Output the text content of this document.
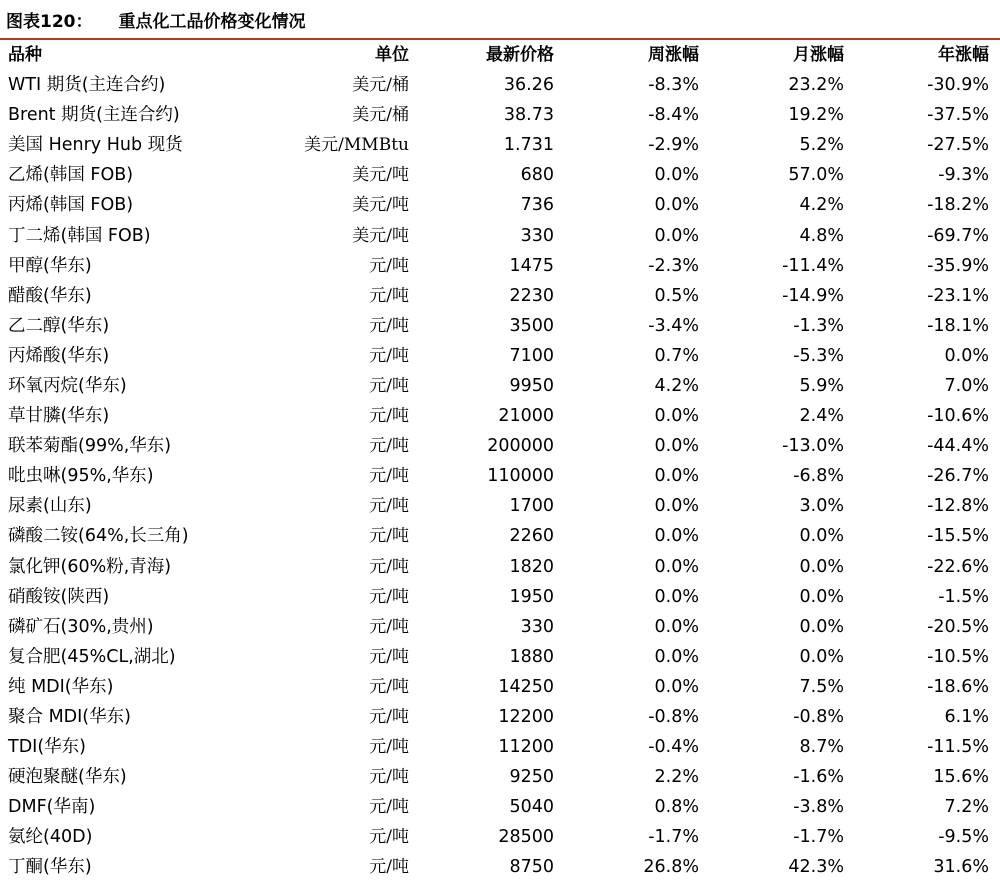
图表120： 重点化工品价格变化情况
品种	单位	最新价格	周涨幅	月涨幅	年涨幅
WTI 期货(主连合约)	美元/桶	36.26	-8.3%	23.2%	-30.9%
Brent 期货(主连合约)	美元/桶	38.73	-8.4%	19.2%	-37.5%
美国 Henry Hub 现货	美元/MMBtu	1.731	-2.9%	5.2%	-27.5%
乙烯(韩国 FOB)	美元/吨	680	0.0%	57.0%	-9.3%
丙烯(韩国 FOB)	美元/吨	736	0.0%	4.2%	-18.2%
丁二烯(韩国 FOB)	美元/吨	330	0.0%	4.8%	-69.7%
甲醇(华东)	元/吨	1475	-2.3%	-11.4%	-35.9%
醋酸(华东)	元/吨	2230	0.5%	-14.9%	-23.1%
乙二醇(华东)	元/吨	3500	-3.4%	-1.3%	-18.1%
丙烯酸(华东)	元/吨	7100	0.7%	-5.3%	0.0%
环氧丙烷(华东)	元/吨	9950	4.2%	5.9%	7.0%
草甘膦(华东)	元/吨	21000	0.0%	2.4%	-10.6%
联苯菊酯(99%,华东)	元/吨	200000	0.0%	-13.0%	-44.4%
吡虫啉(95%,华东)	元/吨	110000	0.0%	-6.8%	-26.7%
尿素(山东)	元/吨	1700	0.0%	3.0%	-12.8%
磷酸二铵(64%,长三角)	元/吨	2260	0.0%	0.0%	-15.5%
氯化钾(60%粉,青海)	元/吨	1820	0.0%	0.0%	-22.6%
硝酸铵(陕西)	元/吨	1950	0.0%	0.0%	-1.5%
磷矿石(30%,贵州)	元/吨	330	0.0%	0.0%	-20.5%
复合肥(45%CL,湖北)	元/吨	1880	0.0%	0.0%	-10.5%
纯 MDI(华东)	元/吨	14250	0.0%	7.5%	-18.6%
聚合 MDI(华东)	元/吨	12200	-0.8%	-0.8%	6.1%
TDI(华东)	元/吨	11200	-0.4%	8.7%	-11.5%
硬泡聚醚(华东)	元/吨	9250	2.2%	-1.6%	15.6%
DMF(华南)	元/吨	5040	0.8%	-3.8%	7.2%
氨纶(40D)	元/吨	28500	-1.7%	-1.7%	-9.5%
丁酮(华东)	元/吨	8750	26.8%	42.3%	31.6%
